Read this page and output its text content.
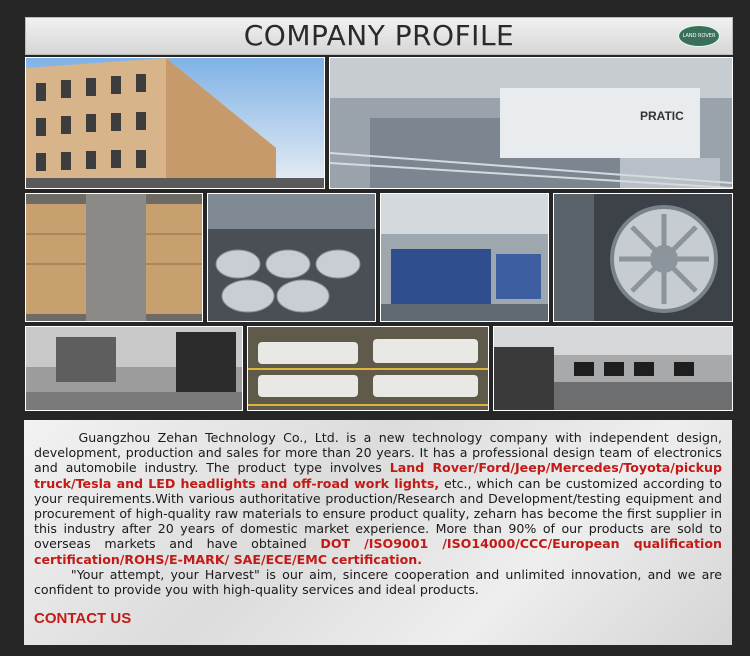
COMPANY PROFILE	LAND ROVER
PRATIC

Guangzhou Zehan Technology Co., Ltd. is a new technology company with independent design, development, production and sales for more than 20 years. It has a professional design team of electronics and automobile industry. The product type involves Land Rover/Ford/Jeep/Mercedes/Toyota/pickup truck/Tesla and LED headlights and off-road work lights, etc., which can be customized according to your requirements.With various authoritative production/Research and Development/testing equipment and procurement of high-quality raw materials to ensure product quality, zeharn has become the first supplier in this industry after 20 years of domestic market experience. More than 90% of our products are sold to overseas markets and have obtained DOT /ISO9001 /ISO14000/CCC/European qualification certification/ROHS/E-MARK/ SAE/ECE/EMC certification.

"Your attempt, your Harvest" is our aim, sincere cooperation and unlimited innovation, and we are confident to provide you with high-quality services and ideal products.

CONTACT US
